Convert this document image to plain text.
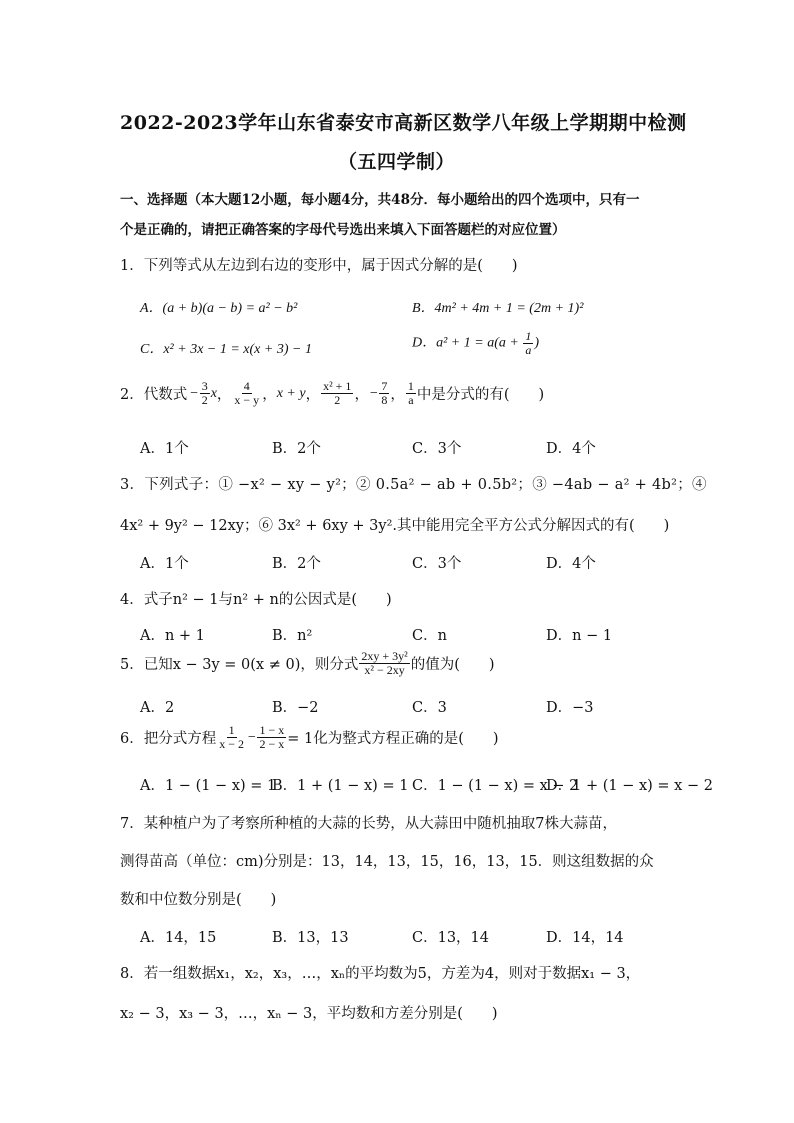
2022-2023学年山东省泰安市高新区数学八年级上学期期中检测
（五四学制）
一、选择题（本大题12小题，每小题4分，共48分．每小题给出的四个选项中，只有一
个是正确的，请把正确答案的字母代号选出来填入下面答题栏的对应位置）
1．下列等式从左边到右边的变形中，属于因式分解的是(　　)
A．(a + b)(a − b) = a² − b²	B．4m² + 4m + 1 = (2m + 1)²
C．x² + 3x − 1 = x(x + 3) − 1	D．$a^2 + 1 = a(a + \frac{1}{a}$ )
2．代数式 − $\frac{3}{2}$ x ， $\frac{4}{x - y}$ ， x + y ， $\frac{\text{x² + 1}}{2}$ ， − $\frac{7}{8}$ ， $\frac{1}{a}$ 中是分式的有(　　)
A．1个	B．2个	C．3个	D．4个
3．下列式子：① −x² − xy − y²；② 0.5a² − ab + 0.5b²；③ −4ab − a² + 4b²；④
4x² + 9y² − 12xy；⑥ 3x² + 6xy + 3y².其中能用完全平方公式分解因式的有(　　)
A．1个	B．2个	C．3个	D．4个
4．式子n² − 1与n² + n的公因式是(　　)
A．n + 1	B．n²	C．n	D．n − 1
5．已知x − 3y = 0(x ≠ 0)，则分式 $\frac{\text{2xy + 3y²}}{\text{x² − 2xy}}$ 的值为(　　)
A．2	B．−2	C．3	D．−3
6．把分式方程 $\frac{1}{x - 2} - \frac{1 - x}{2 - x} = 1$化为整式方程正确的是(　　)
A．1 − (1 − x) = 1
B．1 + (1 − x) = 1 C．1 − (1 − x) = x − 2
D．1 + (1 − x) = x − 2
7．某种植户为了考察所种植的大蒜的长势，从大蒜田中随机抽取7株大蒜苗，
测得苗高（单位：cm)分别是：13，14，13，15，16，13，15．则这组数据的众
数和中位数分别是(　　)
A．14，15	B．13，13	C．13，14	D．14，14
8．若一组数据x₁，x₂，x₃，…，xₙ的平均数为5，方差为4，则对于数据x₁ − 3，
x₂ − 3，x₃ − 3，…，xₙ − 3，平均数和方差分别是(　　)
